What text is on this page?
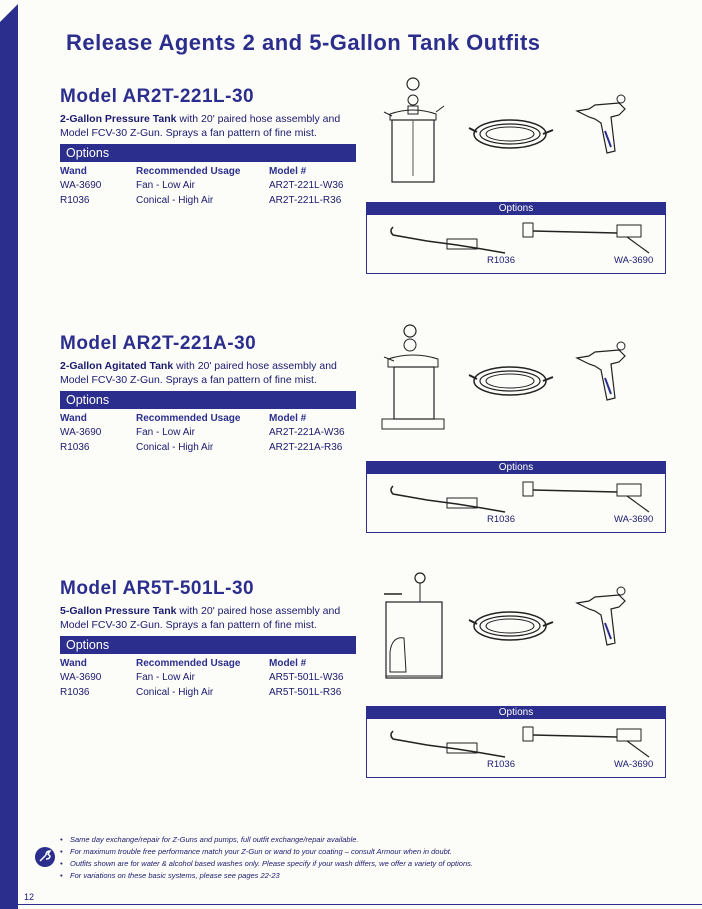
Release Agents 2 and 5-Gallon Tank Outfits
Model AR2T-221L-30
2-Gallon Pressure Tank with 20' paired hose assembly and Model FCV-30 Z-Gun. Sprays a fan pattern of fine mist.
Options
Wand	Recommended Usage	Model #
WA-3690	Fan - Low Air	AR2T-221L-W36
R1036	Conical - High Air	AR2T-221L-R36
Options
R1036	WA-3690
Model AR2T-221A-30
2-Gallon Agitated Tank with 20' paired hose assembly and Model FCV-30 Z-Gun. Sprays a fan pattern of fine mist.
Options
Wand	Recommended Usage	Model #
WA-3690	Fan - Low Air	AR2T-221A-W36
R1036	Conical - High Air	AR2T-221A-R36
Options
R1036	WA-3690
Model AR5T-501L-30
5-Gallon Pressure Tank with 20' paired hose assembly and Model FCV-30 Z-Gun. Sprays a fan pattern of fine mist.
Options
Wand	Recommended Usage	Model #
WA-3690	Fan - Low Air	AR5T-501L-W36
R1036	Conical - High Air	AR5T-501L-R36
Options
R1036	WA-3690
• Same day exchange/repair for Z-Guns and pumps, full outfit exchange/repair available.
• For maximum trouble free performance match your Z-Gun or wand to your coating – consult Armour when in doubt.
• Outfits shown are for water & alcohol based washes only. Please specify if your wash differs, we offer a variety of options.
• For variations on these basic systems, please see pages 22-23
12
